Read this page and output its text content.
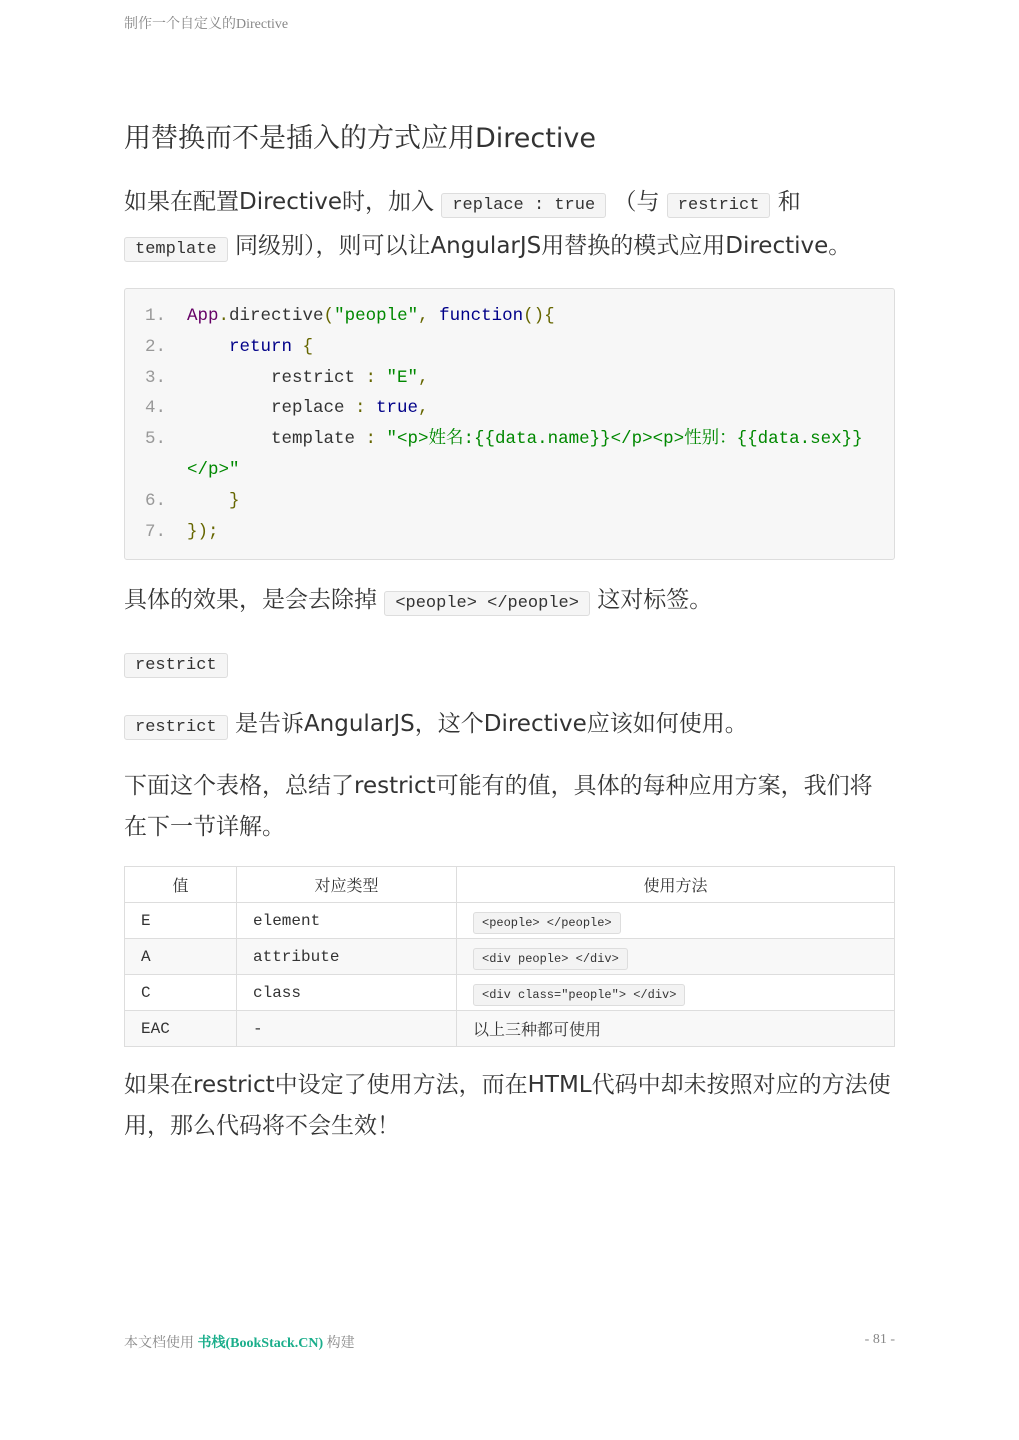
制作一个自定义的Directive
用替换而不是插入的方式应用Directive

如果在配置Directive时，加入 replace : true （与 restrict 和 template 同级别），则可以让AngularJS用替换的模式应用Directive。

1. App.directive("people", function(){
2.	return {
3.        restrict : "E",
4.        replace : true,
5.        template : "<p>姓名:{{data.name}}</p><p>性别：{{data.sex}}
</p>"
6.    }
7. });

具体的效果，是会去除掉 <people> </people> 这对标签。

restrict

restrict 是告诉AngularJS，这个Directive应该如何使用。

下面这个表格，总结了restrict可能有的值，具体的每种应用方案，我们将在下一节详解。

值	对应类型	使用方法
E	element	<people> </people>
A	attribute	<div people> </div>
C	class	<div class="people"> </div>
EAC	-	以上三种都可使用

如果在restrict中设定了使用方法，而在HTML代码中却未按照对应的方法使用，那么代码将不会生效！

本文档使用 书栈(BookStack.CN) 构建	- 81 -
